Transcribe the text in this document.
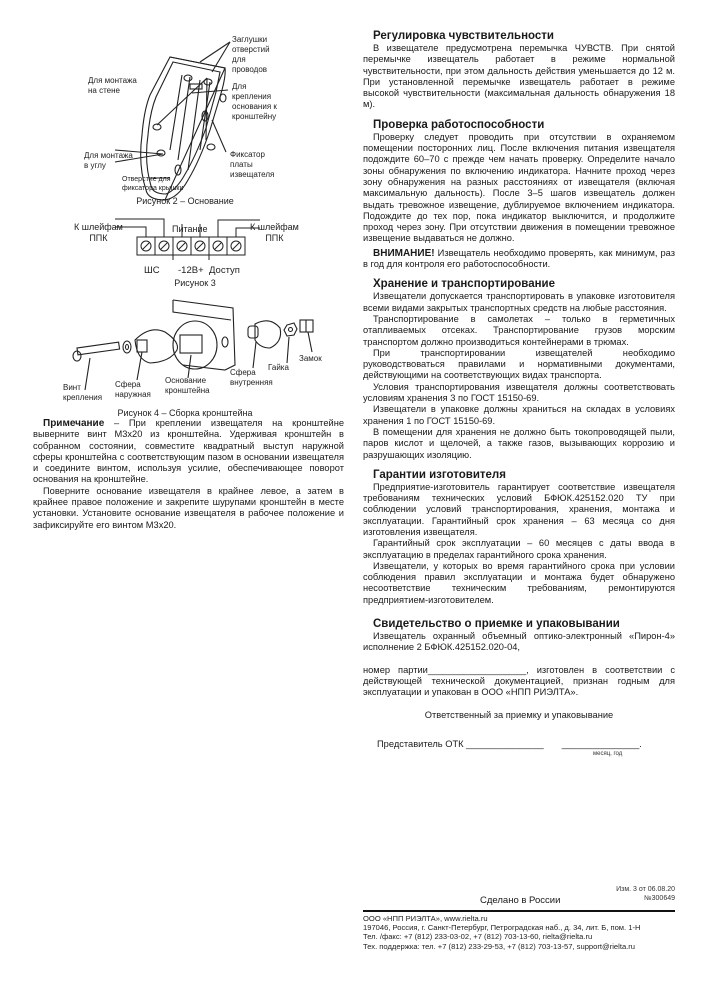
Заглушки
отверстий
для
проводов
Для монтажа
на стене	Для
крепления
основания к
кронштейну
Для монтажа
в углу
Фиксатор
платы
извещателя
Отверстие для
фиксатора крышки
Рисунок 2 – Основание
К шлейфам
ППК
Питание	К шлейфам
ППК
ШС -12В+ Доступ
Рисунок 3
Винт
крепления
Сфера
наружная
Основание
кронштейна
Сфера
внутренняя
Гайка
Замок
Рисунок 4 – Сборка кронштейна

Примечание – При креплении извещателя на кронштейне выверните винт М3х20 из кронштейна. Удерживая кронштейн в собранном состоянии, совместите квадратный выступ наружной сферы кронштейна с соответствующим пазом в основании извещателя и соедините винтом, используя усилие, обеспечивающее поворот основания на кронштейне.

Поверните основание извещателя в крайнее левое, а затем в крайнее правое положение и закрепите шурупами кронштейн в месте установки. Установите основание извещателя в рабочее положение и зафиксируйте его винтом М3х20.

Регулировка чувствительности

В извещателе предусмотрена перемычка ЧУВСТВ. При снятой перемычке извещатель работает в режиме нормальной чувствительности, при этом дальность действия уменьшается до 12 м. При установленной перемычке извещатель работает в режиме высокой чувствительности (максимальная дальность обнаружения 18 м).

Проверка работоспособности

Проверку следует проводить при отсутствии в охраняемом помещении посторонних лиц. После включения питания извещателя подождите 60–70 с прежде чем начать проверку. Определите начало зоны обнаружения по включению индикатора. Начните проход через зону обнаружения на разных расстояниях от извещателя (включая максимальную дальность). После 3–5 шагов извещатель должен выдать тревожное извещение, дублируемое включением индикатора. Подождите до тех пор, пока индикатор выключится, и продолжите проход через зону. При отсутствии движения в помещении тревожное извещение выдаваться не должно.

ВНИМАНИЕ! Извещатель необходимо проверять, как минимум, раз в год для контроля его работоспособности.

Хранение и транспортирование

Извещатели допускается транспортировать в упаковке изготовителя всеми видами закрытых транспортных средств на любые расстояния.

Транспортирование в самолетах – только в герметичных отапливаемых отсеках. Транспортирование грузов морским транспортом должно производиться контейнерами в трюмах.

При транспортировании извещателей необходимо руководствоваться правилами и нормативными документами, действующими на соответствующих видах транспорта.

Условия транспортирования извещателя должны соответствовать условиям хранения 3 по ГОСТ 15150-69.

Извещатели в упаковке должны храниться на складах в условиях хранения 1 по ГОСТ 15150-69.

В помещении для хранения не должно быть токопроводящей пыли, паров кислот и щелочей, а также газов, вызывающих коррозию и разрушающих изоляцию.

Гарантии изготовителя

Предприятие-изготовитель гарантирует соответствие извещателя требованиям технических условий БФЮК.425152.020 ТУ при соблюдении условий транспортирования, хранения, монтажа и эксплуатации. Гарантийный срок хранения – 63 месяца со дня изготовления извещателя.

Гарантийный срок эксплуатации – 60 месяцев с даты ввода в эксплуатацию в пределах гарантийного срока хранения.

Извещатели, у которых во время гарантийного срока при условии соблюдения правил эксплуатации и монтажа будет обнаружено несоответствие техническим требованиям, ремонтируются предприятием-изготовителем.

Свидетельство о приемке и упаковывании

Извещатель охранный объемный оптико-электронный «Пирон-4» исполнение 2 БФЮК.425152.020-04,

номер партии___________________, изготовлен в соответствии с действующей технической документацией, признан годным для эксплуатации и упакован в ООО «НПП РИЭЛТА».

Ответственный за приемку и упаковывание

Представитель ОТК _______________ _______________.
месяц, год
Изм. 3 от 06.08.20
№300649
Сделано в России
ООО «НПП РИЭЛТА», www.rielta.ru
197046, Россия, г. Санкт-Петербург, Петроградская наб., д. 34, лит. Б, пом. 1-Н
Тел. /факс: +7 (812) 233-03-02, +7 (812) 703-13-60, rielta@rielta.ru
Тех. поддержка: тел. +7 (812) 233-29-53, +7 (812) 703-13-57, support@rielta.ru
